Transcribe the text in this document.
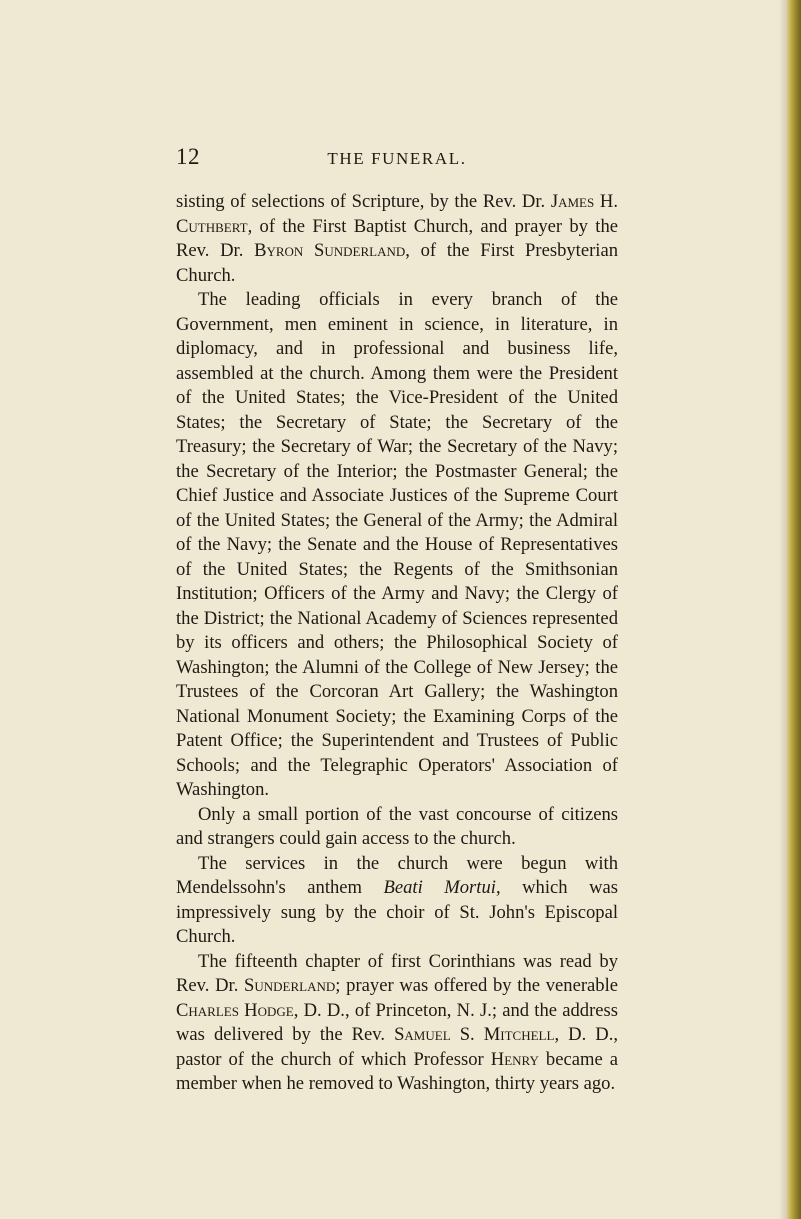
12	THE FUNERAL.

sisting of selections of Scripture, by the Rev. Dr. James H. Cuthbert, of the First Baptist Church, and prayer by the Rev. Dr. Byron Sunderland, of the First Presbyterian Church.

The leading officials in every branch of the Government, men eminent in science, in literature, in diplomacy, and in professional and business life, assembled at the church. Among them were the President of the United States; the Vice-President of the United States; the Secretary of State; the Secretary of the Treasury; the Secretary of War; the Secretary of the Navy; the Secretary of the Interior; the Postmaster General; the Chief Justice and Associate Justices of the Supreme Court of the United States; the General of the Army; the Admiral of the Navy; the Senate and the House of Representatives of the United States; the Regents of the Smithsonian Institution; Officers of the Army and Navy; the Clergy of the District; the National Academy of Sciences represented by its officers and others; the Philosophical Society of Washington; the Alumni of the College of New Jersey; the Trustees of the Corcoran Art Gallery; the Washington National Monument Society; the Examining Corps of the Patent Office; the Superintendent and Trustees of Public Schools; and the Telegraphic Operators' Association of Washington.

Only a small portion of the vast concourse of citizens and strangers could gain access to the church.

The services in the church were begun with Mendelssohn's anthem Beati Mortui, which was impressively sung by the choir of St. John's Episcopal Church.

The fifteenth chapter of first Corinthians was read by Rev. Dr. Sunderland; prayer was offered by the venerable Charles Hodge, D. D., of Princeton, N. J.; and the address was delivered by the Rev. Samuel S. Mitchell, D. D., pastor of the church of which Professor Henry became a member when he removed to Washington, thirty years ago.
